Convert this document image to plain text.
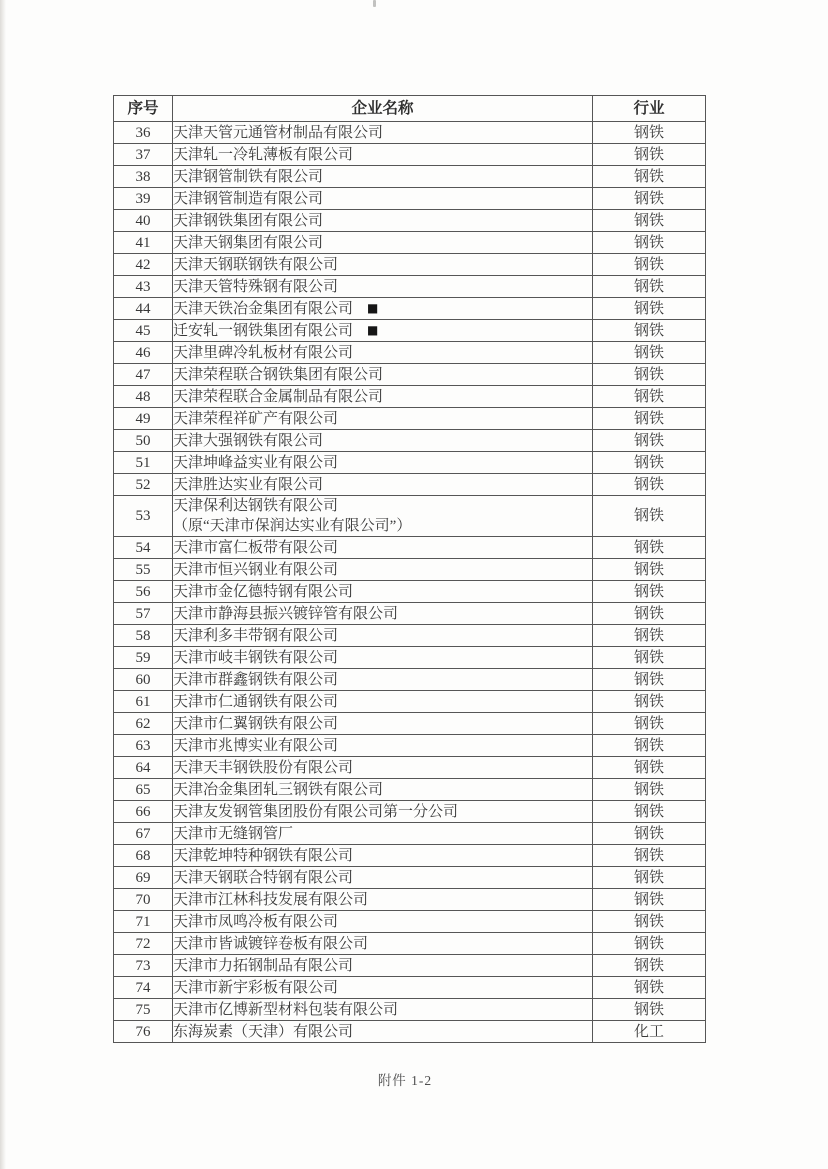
序号	企业名称	行业
36	天津天管元通管材制品有限公司	钢铁
37	天津轧一冷轧薄板有限公司	钢铁
38	天津钢管制铁有限公司	钢铁
39	天津钢管制造有限公司	钢铁
40	天津钢铁集团有限公司	钢铁
41	天津天钢集团有限公司	钢铁
42	天津天钢联钢铁有限公司	钢铁
43	天津天管特殊钢有限公司	钢铁
44	天津天铁冶金集团有限公司 ■	钢铁
45	迁安轧一钢铁集团有限公司 ■	钢铁
46	天津里碑冷轧板材有限公司	钢铁
47	天津荣程联合钢铁集团有限公司	钢铁
48	天津荣程联合金属制品有限公司	钢铁
49	天津荣程祥矿产有限公司	钢铁
50	天津大强钢铁有限公司	钢铁
51	天津坤峰益实业有限公司	钢铁
52	天津胜达实业有限公司	钢铁
53	天津保利达钢铁有限公司
（原“天津市保润达实业有限公司”）	钢铁
54	天津市富仁板带有限公司	钢铁
55	天津市恒兴钢业有限公司	钢铁
56	天津市金亿德特钢有限公司	钢铁
57	天津市静海县振兴镀锌管有限公司	钢铁
58	天津利多丰带钢有限公司	钢铁
59	天津市岐丰钢铁有限公司	钢铁
60	天津市群鑫钢铁有限公司	钢铁
61	天津市仁通钢铁有限公司	钢铁
62	天津市仁翼钢铁有限公司	钢铁
63	天津市兆博实业有限公司	钢铁
64	天津天丰钢铁股份有限公司	钢铁
65	天津冶金集团轧三钢铁有限公司	钢铁
66	天津友发钢管集团股份有限公司第一分公司	钢铁
67	天津市无缝钢管厂	钢铁
68	天津乾坤特种钢铁有限公司	钢铁
69	天津天钢联合特钢有限公司	钢铁
70	天津市江林科技发展有限公司	钢铁
71	天津市凤鸣冷板有限公司	钢铁
72	天津市皆诚镀锌卷板有限公司	钢铁
73	天津市力拓钢制品有限公司	钢铁
74	天津市新宇彩板有限公司	钢铁
75	天津市亿博新型材料包装有限公司	钢铁
76	东海炭素（天津）有限公司	化工
附件 1-2
